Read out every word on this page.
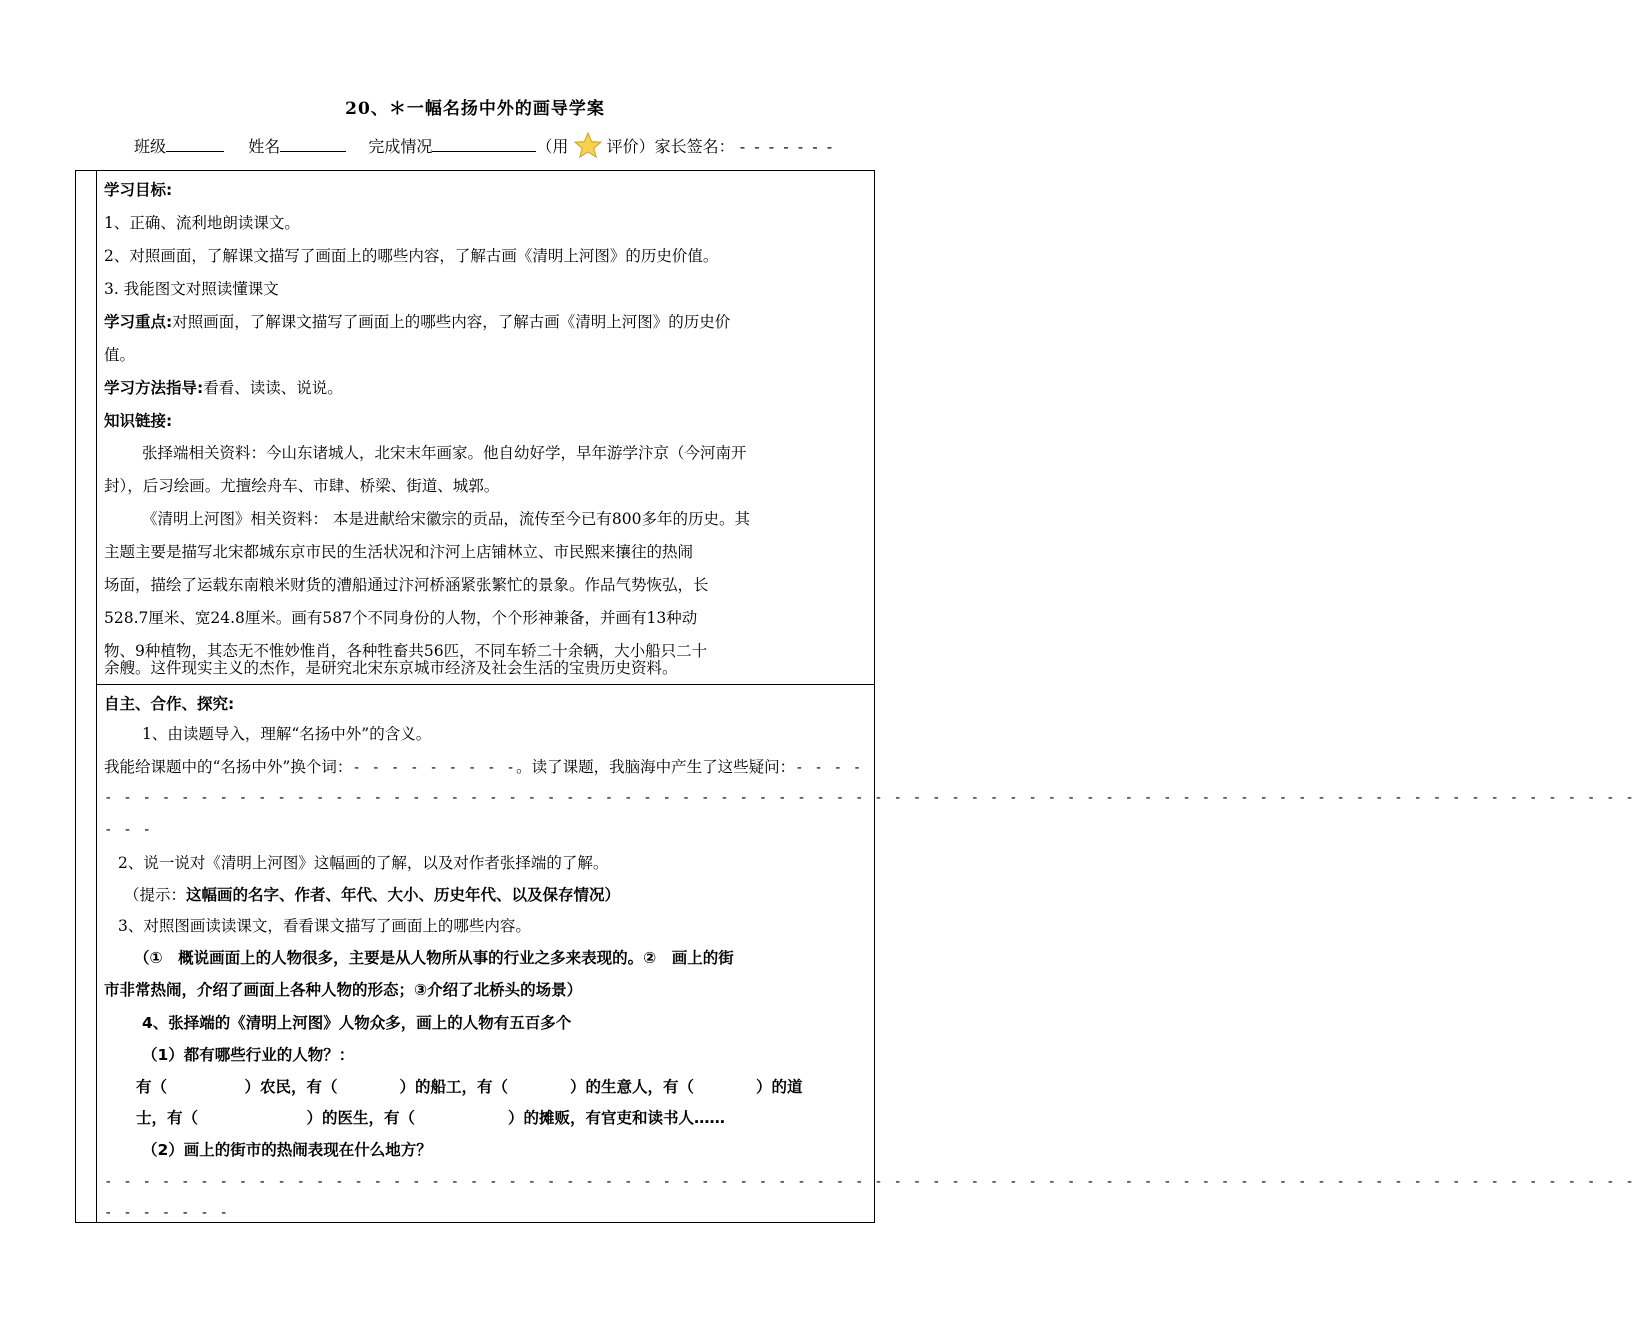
20、＊一幅名扬中外的画导学案
班级	姓名	完成情况	（用 评价）家长签名： - - - - - - -
学习目标:
1、正确、流利地朗读课文。
2、对照画面，了解课文描写了画面上的哪些内容，了解古画《清明上河图》的历史价值。
3. 我能图文对照读懂课文
学习重点:对照画面，了解课文描写了画面上的哪些内容，了解古画《清明上河图》的历史价
值。
学习方法指导:看看、读读、说说。
知识链接:
张择端相关资料：今山东诸城人，北宋末年画家。他自幼好学，早年游学汴京（今河南开
封），后习绘画。尤擅绘舟车、市肆、桥梁、街道、城郭。
《清明上河图》相关资料： 本是进献给宋徽宗的贡品，流传至今已有800多年的历史。其
主题主要是描写北宋都城东京市民的生活状况和汴河上店铺林立、市民熙来攘往的热闹
场面，描绘了运载东南粮米财货的漕船通过汴河桥涵紧张繁忙的景象。作品气势恢弘，长
528.7厘米、宽24.8厘米。画有587个不同身份的人物，个个形神兼备，并画有13种动
物、9种植物，其态无不惟妙惟肖，各种牲畜共56匹，不同车轿二十余辆，大小船只二十
余艘。这件现实主义的杰作，是研究北宋东京城市经济及社会生活的宝贵历史资料。
自主、合作、探究:
1、由读题导入，理解“名扬中外”的含义。
我能给课题中的“名扬中外”换个词：- - - - - - - - -。读了课题，我脑海中产生了这些疑问：- - - -
- - - - - - - - - - - - - - - - - - - - - - - - - - - - - - - - - - - - - - - - - - - - - - - - - - - - - - - - - - - - - - - - - - - - - - - - - - - - - - - -
- - -
2、说一说对《清明上河图》这幅画的了解，以及对作者张择端的了解。
（提示：这幅画的名字、作者、年代、大小、历史年代、以及保存情况）
3、对照图画读读课文，看看课文描写了画面上的哪些内容。
（①　概说画面上的人物很多，主要是从人物所从事的行业之多来表现的。②　画上的街
市非常热闹，介绍了画面上各种人物的形态；③介绍了北桥头的场景）
4、张择端的《清明上河图》人物众多，画上的人物有五百多个
（1）都有哪些行业的人物？：
有（　　　　　）农民，有（　　　　）的船工，有（　　　　）的生意人，有（　　　　）的道
士，有（　　　　　　　）的医生，有（　　　　　　）的摊贩，有官吏和读书人……
（2）画上的街市的热闹表现在什么地方？
- - - - - - - - - - - - - - - - - - - - - - - - - - - - - - - - - - - - - - - - - - - - - - - - - - - - - - - - - - - - - - - - - - - - - - - - - - - - - - - -
- - - - - - -
